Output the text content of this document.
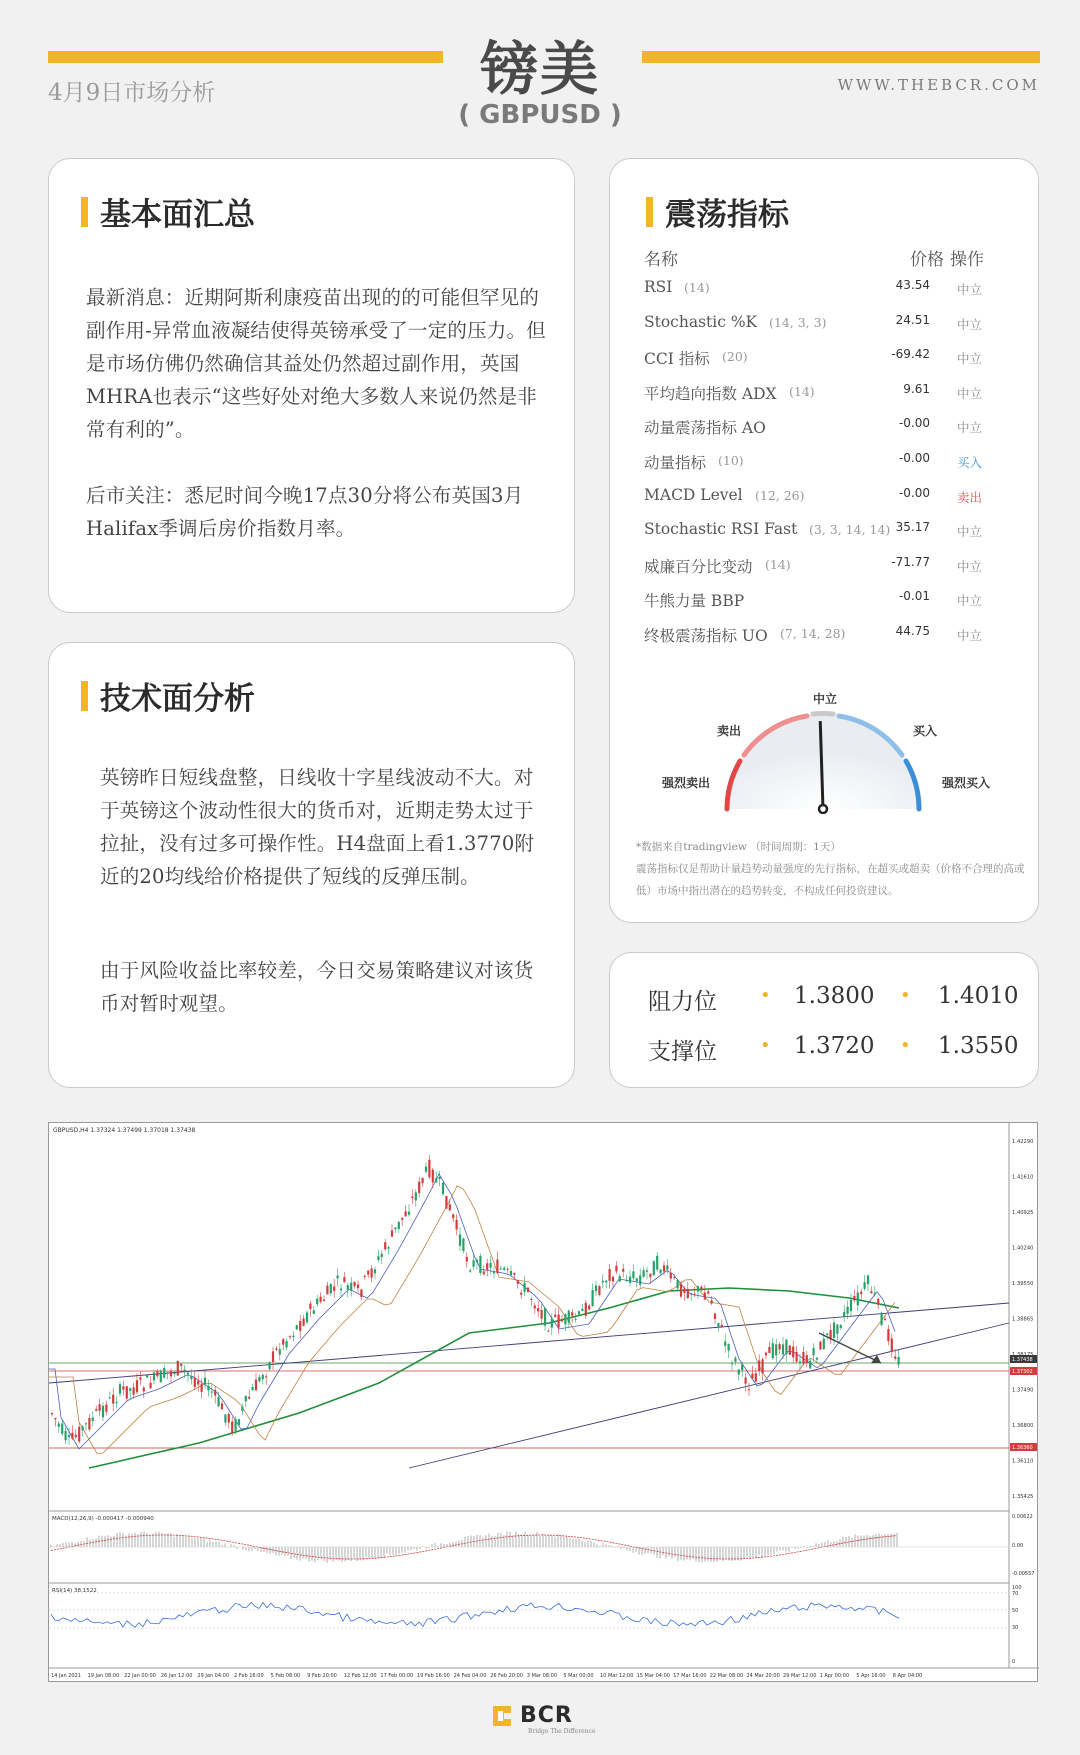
镑美
( GBPUSD )
4月9日市场分析	WWW.THEBCR.COM
基本面汇总
最新消息：近期阿斯利康疫苗出现的的可能但罕见的副作用-异常血液凝结使得英镑承受了一定的压力。但是市场仿佛仍然确信其益处仍然超过副作用，英国MHRA也表示“这些好处对绝大多数人来说仍然是非常有利的”。
后市关注：悉尼时间今晚17点30分将公布英国3月Halifax季调后房价指数月率。
技术面分析
英镑昨日短线盘整，日线收十字星线波动不大。对于英镑这个波动性很大的货币对，近期走势太过于拉扯，没有过多可操作性。H4盘面上看1.3770附近的20均线给价格提供了短线的反弹压制。
由于风险收益比率较差，今日交易策略建议对该货币对暂时观望。
震荡指标
名称	价格 操作
RSI (14)	43.54 中立
Stochastic %K (14, 3, 3)	24.51 中立
CCI 指标 (20)	-69.42 中立
平均趋向指数 ADX (14)	9.61 中立
动量震荡指标 AO	-0.00 中立
动量指标 (10)	-0.00 买入
MACD Level (12, 26)	-0.00 卖出
Stochastic RSI Fast (3, 3, 14, 14) 35.17 中立
威廉百分比变动 (14)	-71.77 中立
牛熊力量 BBP	-0.01 中立
终极震荡指标 UO (7, 14, 28)	44.75 中立
中立
卖出	买入
强烈卖出	强烈买入
*数据来自tradingview （时间周期：1天）
震荡指标仅是帮助计量趋势动量强度的先行指标，在超买或超卖（价格不合理的高或低）市场中指出潜在的趋势转变，不构成任何投资建议。
阻力位 • 1.3800 • 1.4010
支撑位 • 1.3720 • 1.3550
1.42290
1.41610
1.40925
1.40240
1.39550
1.38865
1.37490
1.36800
1.36110
1.35425
1.37438
1.37302
1.36360
0.00622
0.00
-0.00557
100
70
50
30
0
14 Jan 2021 19 Jan 08:00 22 Jan 00:00 26 Jan 12:00 29 Jan 04:00 2 Feb 16:00 5 Feb 08:00 9 Feb 20:00 12 Feb 12:00 17 Feb 00:00 19 Feb 16:00 24 Feb 04:00 26 Feb 20:00 3 Mar 08:00 5 Mar 00:00 10 Mar 12:00 15 Mar 04:00 17 Mar 16:00 22 Mar 08:00 24 Mar 20:00 29 Mar 12:00 1 Apr 00:00 5 Apr 16:00 8 Apr 04:00
GBPUSD,H4 1.37324 1.37499 1.37018 1.37438
MACD(12,26,9) -0.000417 -0.000940
RSI(14) 38.1522
BCR
Bridge The Difference
